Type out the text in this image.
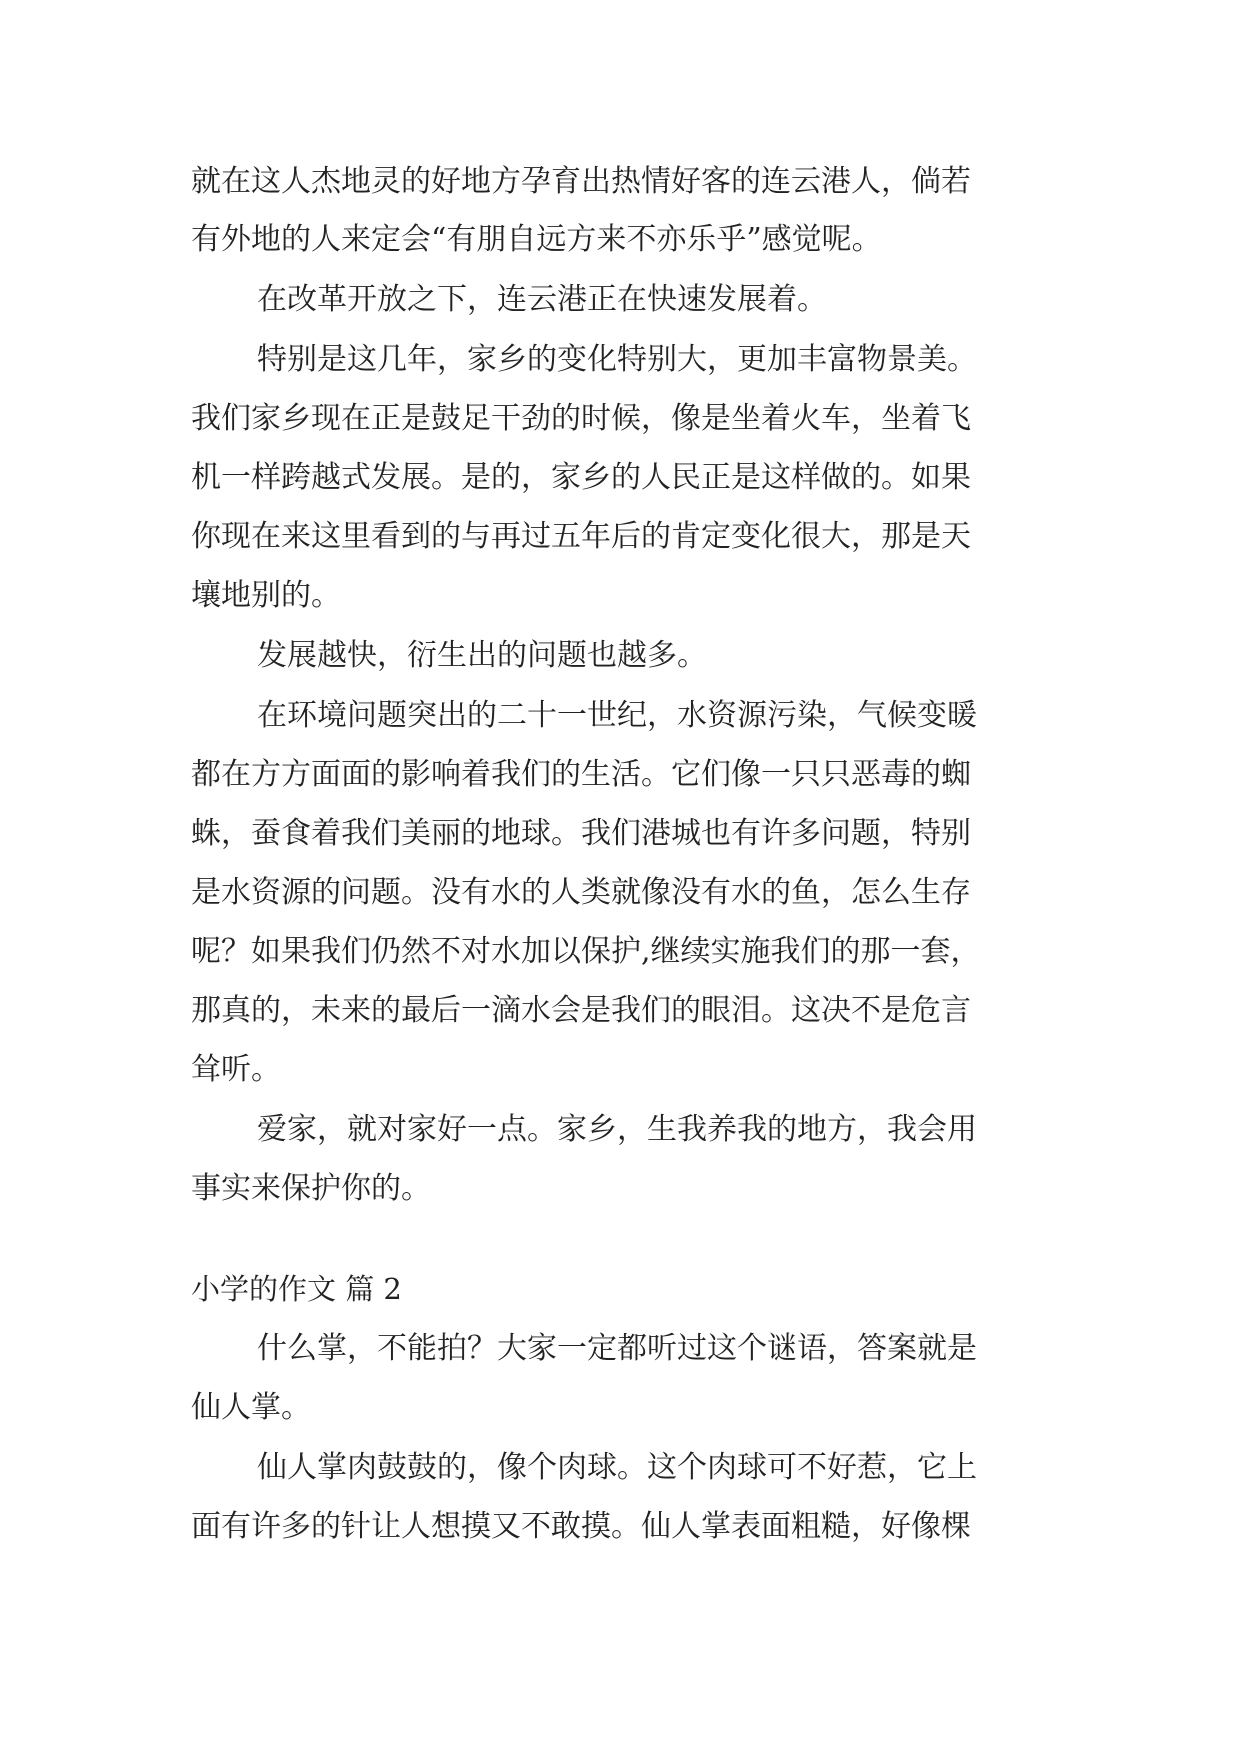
就在这人杰地灵的好地方孕育出热情好客的连云港人，倘若
有外地的人来定会“有朋自远方来不亦乐乎”感觉呢。
在改革开放之下，连云港正在快速发展着。
特别是这几年，家乡的变化特别大，更加丰富物景美。
我们家乡现在正是鼓足干劲的时候，像是坐着火车，坐着飞
机一样跨越式发展。是的，家乡的人民正是这样做的。如果
你现在来这里看到的与再过五年后的肯定变化很大，那是天
壤地别的。
发展越快，衍生出的问题也越多。
在环境问题突出的二十一世纪，水资源污染，气候变暖
都在方方面面的影响着我们的生活。它们像一只只恶毒的蜘
蛛，蚕食着我们美丽的地球。我们港城也有许多问题，特别
是水资源的问题。没有水的人类就像没有水的鱼，怎么生存
呢？如果我们仍然不对水加以保护,继续实施我们的那一套，
那真的，未来的最后一滴水会是我们的眼泪。这决不是危言
耸听。
爱家，就对家好一点。家乡，生我养我的地方，我会用
事实来保护你的。
小学的作文 篇 2
什么掌，不能拍？大家一定都听过这个谜语，答案就是
仙人掌。
仙人掌肉鼓鼓的，像个肉球。这个肉球可不好惹，它上
面有许多的针让人想摸又不敢摸。仙人掌表面粗糙，好像棵
